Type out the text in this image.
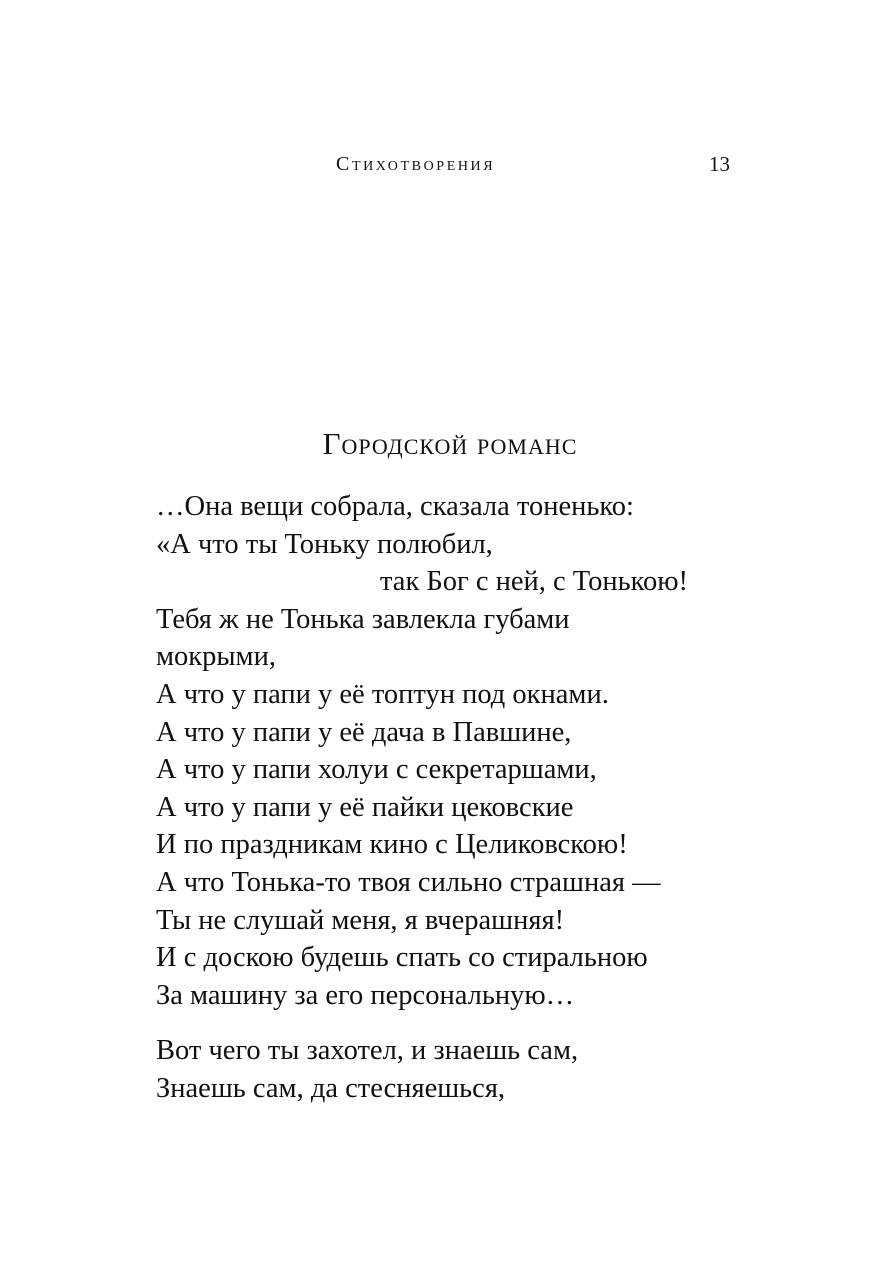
Стихотворения	13
Городской романс
…Она вещи собрала, сказала тоненько:
«А что ты Тоньку полюбил,
так Бог с ней, с Тонькою!
Тебя ж не Тонька завлекла губами
мокрыми,
А что у папи у её топтун под окнами.
А что у папи у её дача в Павшине,
А что у папи холуи с секретаршами,
А что у папи у её пайки цековские
И по праздникам кино с Целиковскою!
А что Тонька-то твоя сильно страшная —
Ты не слушай меня, я вчерашняя!
И с доскою будешь спать со стиральною
За машину за его персональную…
Вот чего ты захотел, и знаешь сам,
Знаешь сам, да стесняешься,
